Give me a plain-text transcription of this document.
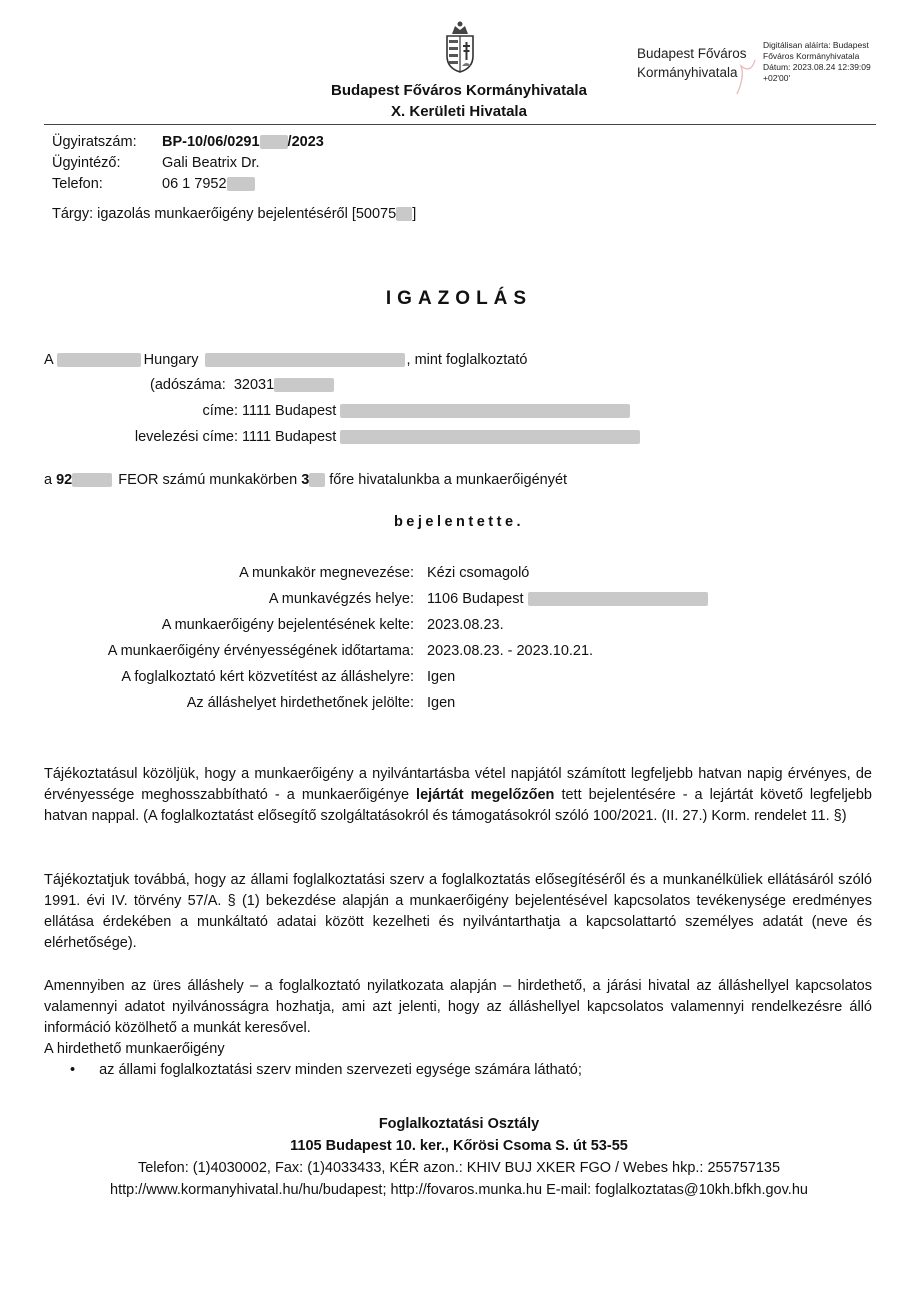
Budapest Főváros Kormányhivatala
X. Kerületi Hivatala
Budapest Főváros
Kormányhivatala
Digitálisan aláírta: Budapest
Főváros Kormányhivatala
Dátum: 2023.08.24 12:39:09
+02'00'
Ügyiratszám:	BP-10/06/0291 /2023
Ügyintéző:	Gali Beatrix Dr.
Telefon:	06 1 7952
Tárgy: igazolás munkaerőigény bejelentéséről [50075 ]
IGAZOLÁS
A	Hungary	, mint foglalkoztató
(adószáma: 32031
címe: 1111 Budapest
levelezési címe: 1111 Budapest
a 92	FEOR számú munkakörben 3 főre hivatalunkba a munkaerőigényét
bejelentette.
A munkakör megnevezése: Kézi csomagoló
A munkavégzés helye: 1106 Budapest
A munkaerőigény bejelentésének kelte: 2023.08.23.
A munkaerőigény érvényességének időtartama: 2023.08.23. - 2023.10.21.
A foglalkoztató kért közvetítést az álláshelyre: Igen
Az álláshelyet hirdethetőnek jelölte: Igen
Tájékoztatásul közöljük, hogy a munkaerőigény a nyilvántartásba vétel napjától számított legfeljebb hatvan napig érvényes, de érvényessége meghosszabbítható - a munkaerőigénye lejártát megelőzően tett bejelentésére - a lejártát követő legfeljebb hatvan nappal. (A foglalkoztatást elősegítő szolgáltatásokról és támogatásokról szóló 100/2021. (II. 27.) Korm. rendelet 11. §)
Tájékoztatjuk továbbá, hogy az állami foglalkoztatási szerv a foglalkoztatás elősegítéséről és a munkanélküliek ellátásáról szóló 1991. évi IV. törvény 57/A. § (1) bekezdése alapján a munkaerőigény bejelentésével kapcsolatos tevékenysége eredményes ellátása érdekében a munkáltató adatai között kezelheti és nyilvántarthatja a kapcsolattartó személyes adatát (neve és elérhetősége).
Amennyiben az üres álláshely – a foglalkoztató nyilatkozata alapján – hirdethető, a járási hivatal az álláshellyel kapcsolatos valamennyi adatot nyilvánosságra hozhatja, ami azt jelenti, hogy az álláshellyel kapcsolatos valamennyi rendelkezésre álló információ közölhető a munkát keresővel.
A hirdethető munkaerőigény
• az állami foglalkoztatási szerv minden szervezeti egysége számára látható;
Foglalkoztatási Osztály
1105 Budapest 10. ker., Kőrösi Csoma S. út 53-55
Telefon: (1)4030002, Fax: (1)4033433, KÉR azon.: KHIV BUJ XKER FGO / Webes hkp.: 255757135
http://www.kormanyhivatal.hu/hu/budapest; http://fovaros.munka.hu E-mail: foglalkoztatas@10kh.bfkh.gov.hu
